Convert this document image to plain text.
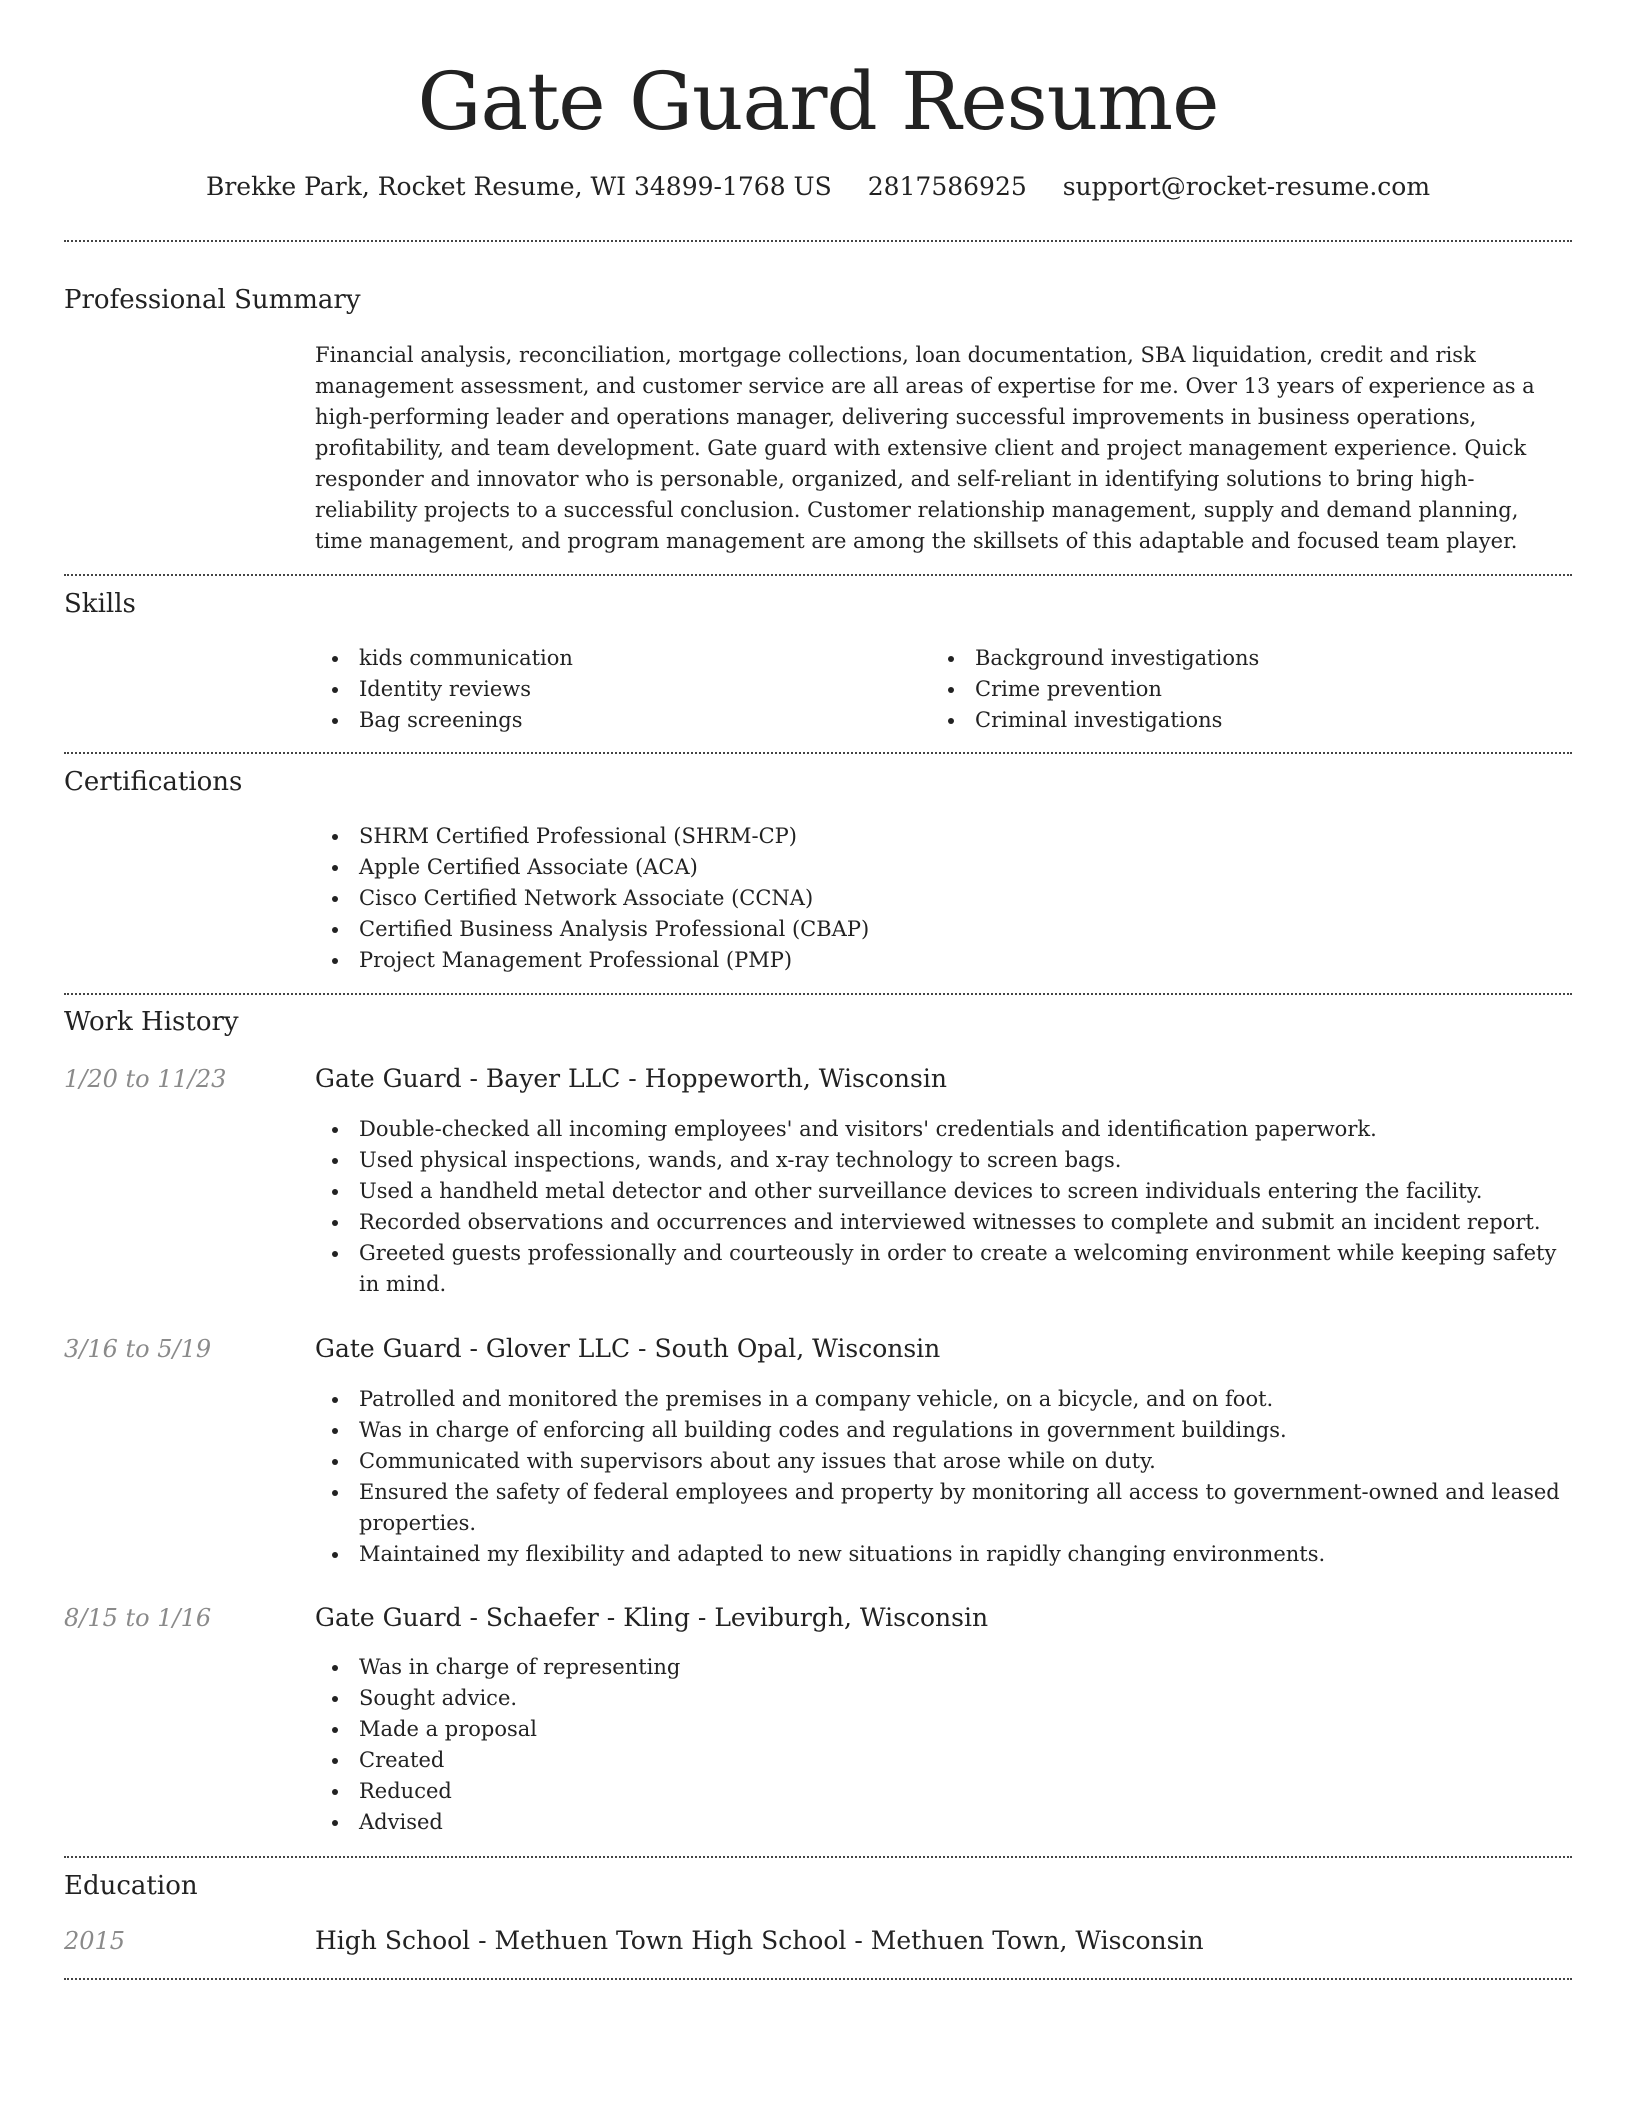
Gate Guard Resume
Brekke Park, Rocket Resume, WI 34899-1768 US 2817586925 support@rocket-resume.com
Professional Summary

Financial analysis, reconciliation, mortgage collections, loan documentation, SBA liquidation, credit and risk management assessment, and customer service are all areas of expertise for me. Over 13 years of experience as a high-performing leader and operations manager, delivering successful improvements in business operations, profitability, and team development. Gate guard with extensive client and project management experience. Quick responder and innovator who is personable, organized, and self-reliant in identifying solutions to bring high-reliability projects to a successful conclusion. Customer relationship management, supply and demand planning, time management, and program management are among the skillsets of this adaptable and focused team player.

Skills
kids communication
Identity reviews
Bag screenings
Background investigations
Crime prevention
Criminal investigations
Certifications
SHRM Certified Professional (SHRM-CP)
Apple Certified Associate (ACA)
Cisco Certified Network Associate (CCNA)
Certified Business Analysis Professional (CBAP)
Project Management Professional (PMP)
Work History
1/20 to 11/23	Gate Guard - Bayer LLC - Hoppeworth, Wisconsin
Double-checked all incoming employees' and visitors' credentials and identification paperwork.
Used physical inspections, wands, and x-ray technology to screen bags.
Used a handheld metal detector and other surveillance devices to screen individuals entering the facility.
Recorded observations and occurrences and interviewed witnesses to complete and submit an incident report.
Greeted guests professionally and courteously in order to create a welcoming environment while keeping safety in mind.
3/16 to 5/19	Gate Guard - Glover LLC - South Opal, Wisconsin
Patrolled and monitored the premises in a company vehicle, on a bicycle, and on foot.
Was in charge of enforcing all building codes and regulations in government buildings.
Communicated with supervisors about any issues that arose while on duty.
Ensured the safety of federal employees and property by monitoring all access to government-owned and leased properties.
Maintained my flexibility and adapted to new situations in rapidly changing environments.
8/15 to 1/16	Gate Guard - Schaefer - Kling - Leviburgh, Wisconsin
Was in charge of representing
Sought advice.
Made a proposal
Created
Reduced
Advised
Education
2015	High School - Methuen Town High School - Methuen Town, Wisconsin
